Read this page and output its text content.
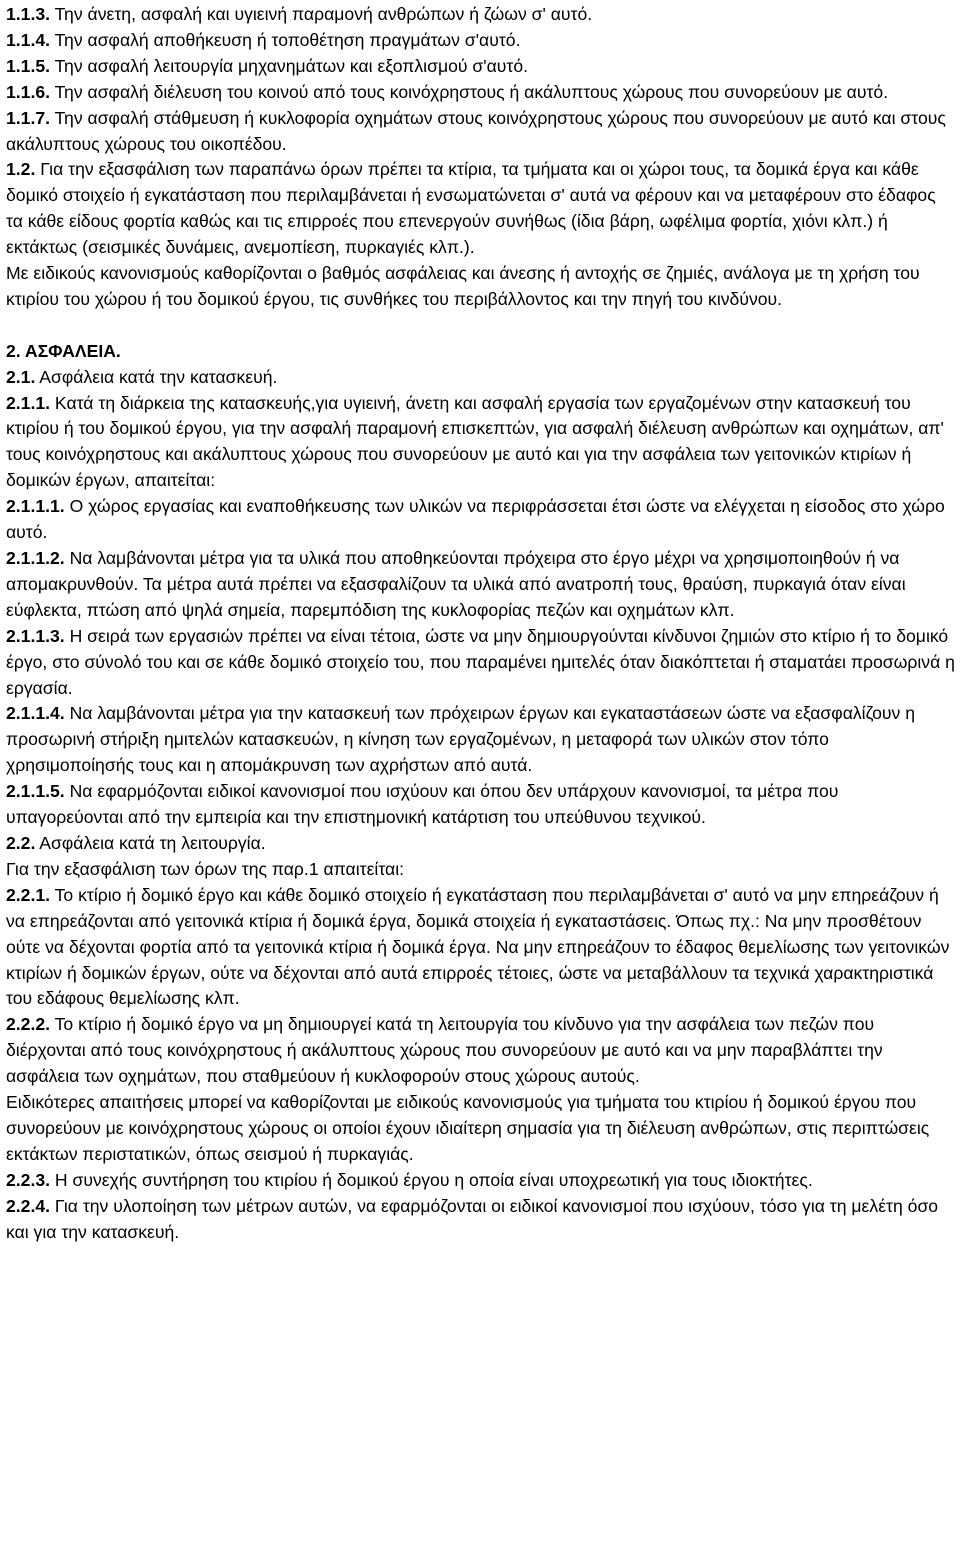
1.1.3. Την άνετη, ασφαλή και υγιεινή παραμονή ανθρώπων ή ζώων σ' αυτό.

1.1.4. Την ασφαλή αποθήκευση ή τοποθέτηση πραγμάτων σ'αυτό.

1.1.5. Την ασφαλή λειτουργία μηχανημάτων και εξοπλισμού σ'αυτό.

1.1.6. Την ασφαλή διέλευση του κοινού από τους κοινόχρηστους ή ακάλυπτους χώρους που συνορεύουν με αυτό.

1.1.7. Την ασφαλή στάθμευση ή κυκλοφορία οχημάτων στους κοινόχρηστους χώρους που συνορεύουν με αυτό και στους ακάλυπτους χώρους του οικοπέδου.

1.2. Για την εξασφάλιση των παραπάνω όρων πρέπει τα κτίρια, τα τμήματα και οι χώροι τους, τα δομικά έργα και κάθε δομικό στοιχείο ή εγκατάσταση που περιλαμβάνεται ή ενσωματώνεται σ' αυτά να φέρουν και να μεταφέρουν στο έδαφος τα κάθε είδους φορτία καθώς και τις επιρροές που επενεργούν συνήθως (ίδια βάρη, ωφέλιμα φορτία, χιόνι κλπ.) ή εκτάκτως (σεισμικές δυνάμεις, ανεμοπίεση, πυρκαγιές κλπ.).

Με ειδικούς κανονισμούς καθορίζονται ο βαθμός ασφάλειας και άνεσης ή αντοχής σε ζημιές, ανάλογα με τη χρήση του κτιρίου του χώρου ή του δομικού έργου, τις συνθήκες του περιβάλλοντος και την πηγή του κινδύνου.

2. ΑΣΦΑΛΕΙΑ.

2.1. Ασφάλεια κατά την κατασκευή.

2.1.1. Κατά τη διάρκεια της κατασκευής,για υγιεινή, άνετη και ασφαλή εργασία των εργαζομένων στην κατασκευή του κτιρίου ή του δομικού έργου, για την ασφαλή παραμονή επισκεπτών, για ασφαλή διέλευση ανθρώπων και οχημάτων, απ' τους κοινόχρηστους και ακάλυπτους χώρους που συνορεύουν με αυτό και για την ασφάλεια των γειτονικών κτιρίων ή δομικών έργων, απαιτείται:

2.1.1.1. Ο χώρος εργασίας και εναποθήκευσης των υλικών να περιφράσσεται έτσι ώστε να ελέγχεται η είσοδος στο χώρο αυτό.

2.1.1.2. Να λαμβάνονται μέτρα για τα υλικά που αποθηκεύονται πρόχειρα στο έργο μέχρι να χρησιμοποιηθούν ή να απομακρυνθούν. Τα μέτρα αυτά πρέπει να εξασφαλίζουν τα υλικά από ανατροπή τους, θραύση, πυρκαγιά όταν είναι εύφλεκτα, πτώση από ψηλά σημεία, παρεμπόδιση της κυκλοφορίας πεζών και οχημάτων κλπ.

2.1.1.3. Η σειρά των εργασιών πρέπει να είναι τέτοια, ώστε να μην δημιουργούνται κίνδυνοι ζημιών στο κτίριο ή το δομικό έργο, στο σύνολό του και σε κάθε δομικό στοιχείο του, που παραμένει ημιτελές όταν διακόπτεται ή σταματάει προσωρινά η εργασία.

2.1.1.4. Να λαμβάνονται μέτρα για την κατασκευή των πρόχειρων έργων και εγκαταστάσεων ώστε να εξασφαλίζουν η προσωρινή στήριξη ημιτελών κατασκευών, η κίνηση των εργαζομένων, η μεταφορά των υλικών στον τόπο χρησιμοποίησής τους και η απομάκρυνση των αχρήστων από αυτά.

2.1.1.5. Να εφαρμόζονται ειδικοί κανονισμοί που ισχύουν και όπου δεν υπάρχουν κανονισμοί, τα μέτρα που υπαγορεύονται από την εμπειρία και την επιστημονική κατάρτιση του υπεύθυνου τεχνικού.

2.2. Ασφάλεια κατά τη λειτουργία.

Για την εξασφάλιση των όρων της παρ.1 απαιτείται:

2.2.1. Το κτίριο ή δομικό έργο και κάθε δομικό στοιχείο ή εγκατάσταση που περιλαμβάνεται σ' αυτό να μην επηρεάζουν ή να επηρεάζονται από γειτονικά κτίρια ή δομικά έργα, δομικά στοιχεία ή εγκαταστάσεις. Όπως πχ.: Να μην προσθέτουν ούτε να δέχονται φορτία από τα γειτονικά κτίρια ή δομικά έργα. Να μην επηρεάζουν το έδαφος θεμελίωσης των γειτονικών κτιρίων ή δομικών έργων, ούτε να δέχονται από αυτά επιρροές τέτοιες, ώστε να μεταβάλλουν τα τεχνικά χαρακτηριστικά του εδάφους θεμελίωσης κλπ.

2.2.2. Το κτίριο ή δομικό έργο να μη δημιουργεί κατά τη λειτουργία του κίνδυνο για την ασφάλεια των πεζών που διέρχονται από τους κοινόχρηστους ή ακάλυπτους χώρους που συνορεύουν με αυτό και να μην παραβλάπτει την ασφάλεια των οχημάτων, που σταθμεύουν ή κυκλοφορούν στους χώρους αυτούς.

Ειδικότερες απαιτήσεις μπορεί να καθορίζονται με ειδικούς κανονισμούς για τμήματα του κτιρίου ή δομικού έργου που συνορεύουν με κοινόχρηστους χώρους οι οποίοι έχουν ιδιαίτερη σημασία για τη διέλευση ανθρώπων, στις περιπτώσεις εκτάκτων περιστατικών, όπως σεισμού ή πυρκαγιάς.

2.2.3. Η συνεχής συντήρηση του κτιρίου ή δομικού έργου η οποία είναι υποχρεωτική για τους ιδιοκτήτες.

2.2.4. Για την υλοποίηση των μέτρων αυτών, να εφαρμόζονται οι ειδικοί κανονισμοί που ισχύουν, τόσο για τη μελέτη όσο και για την κατασκευή.
